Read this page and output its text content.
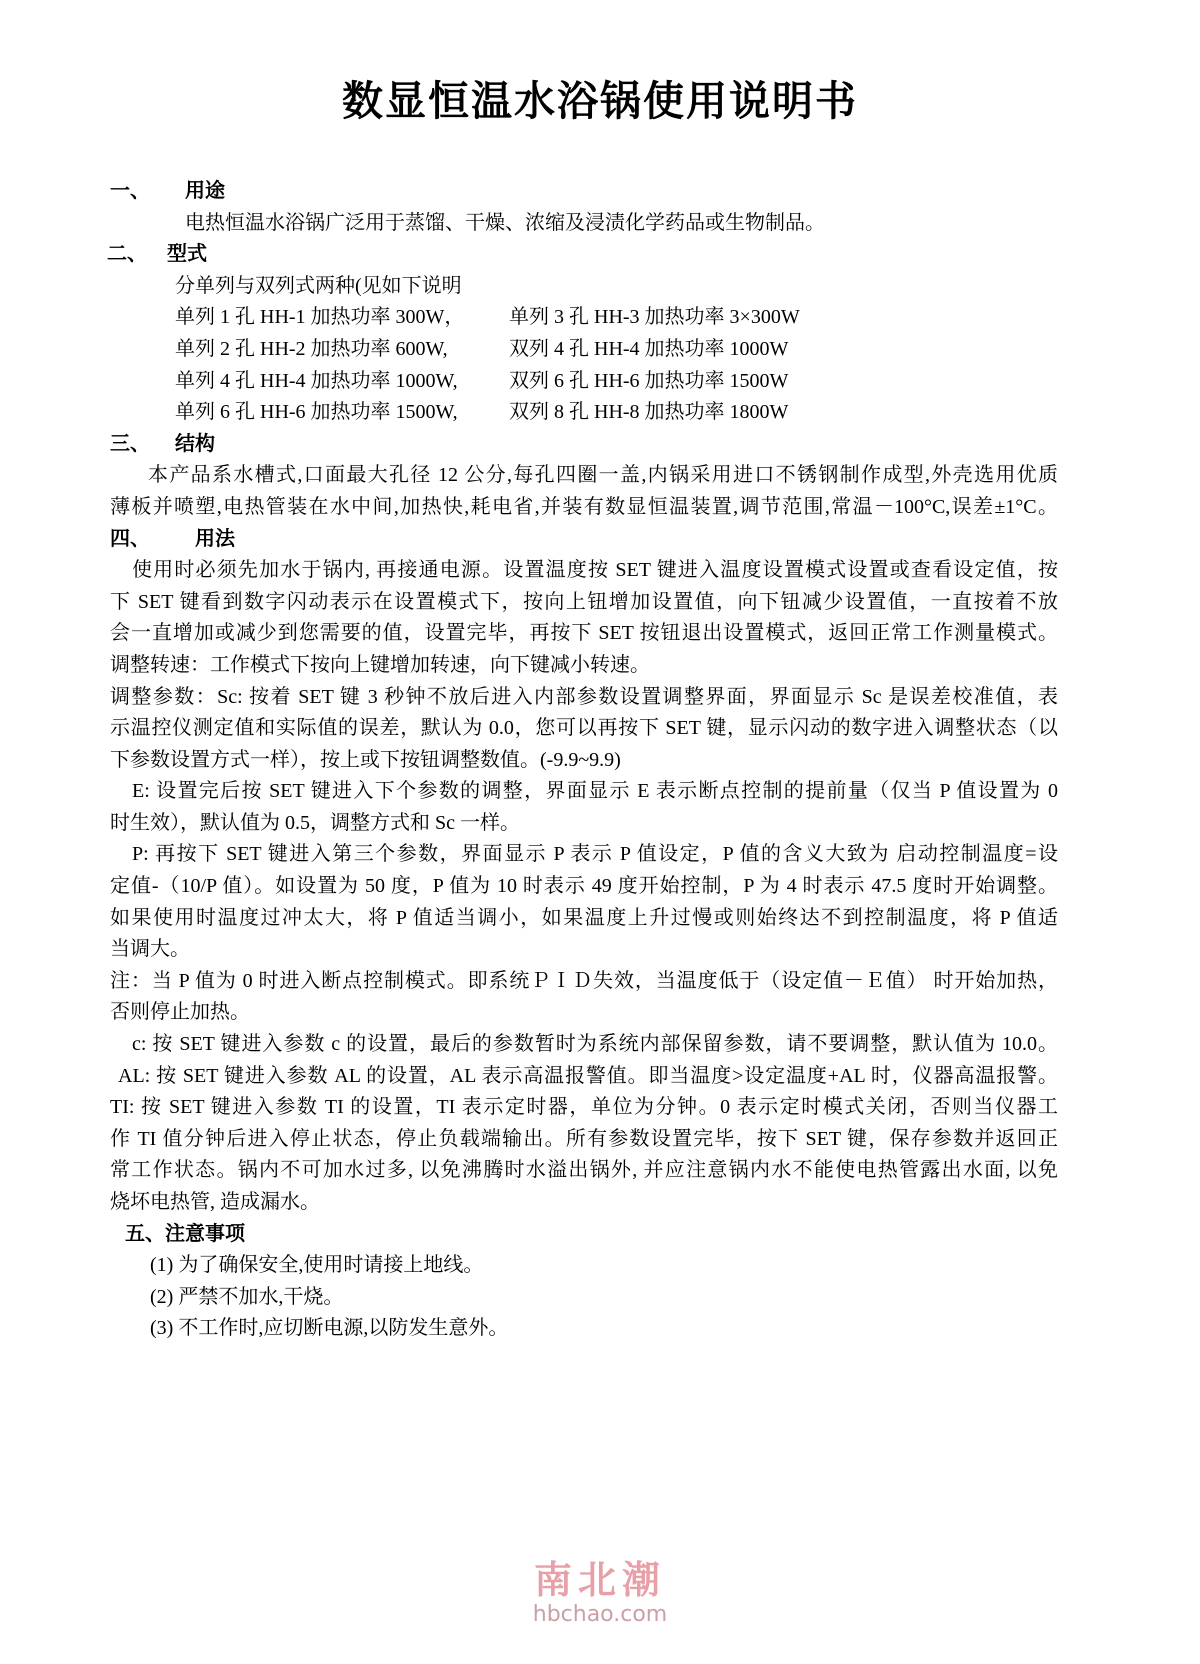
数显恒温水浴锅使用说明书
一、 用途
电热恒温水浴锅广泛用于蒸馏、干燥、浓缩及浸渍化学药品或生物制品。
二、 型式
分单列与双列式两种(见如下说明
单列 1 孔 HH-1 加热功率 300W，	单列 3 孔 HH-3 加热功率 3×300W
单列 2 孔 HH-2 加热功率 600W,	双列 4 孔 HH-4 加热功率 1000W
单列 4 孔 HH-4 加热功率 1000W,	双列 6 孔 HH-6 加热功率 1500W
单列 6 孔 HH-6 加热功率 1500W,	双列 8 孔 HH-8 加热功率 1800W
三、 结构
本产品系水槽式,口面最大孔径 12 公分,每孔四圈一盖,内锅采用进口不锈钢制作成型,外壳选用优质
薄板并喷塑,电热管装在水中间,加热快,耗电省,并装有数显恒温装置,调节范围,常温－100°C,误差±1°C。
四、 用法
使用时必须先加水于锅内, 再接通电源。设置温度按 SET 键进入温度设置模式设置或查看设定值，按
下 SET 键看到数字闪动表示在设置模式下，按向上钮增加设置值，向下钮减少设置值，一直按着不放
会一直增加或减少到您需要的值，设置完毕，再按下 SET 按钮退出设置模式，返回正常工作测量模式。
调整转速：工作模式下按向上键增加转速，向下键减小转速。
调整参数：Sc: 按着 SET 键 3 秒钟不放后进入内部参数设置调整界面，界面显示 Sc 是误差校准值，表
示温控仪测定值和实际值的误差，默认为 0.0，您可以再按下 SET 键，显示闪动的数字进入调整状态（以
下参数设置方式一样），按上或下按钮调整数值。(-9.9~9.9)
E: 设置完后按 SET 键进入下个参数的调整，界面显示 E 表示断点控制的提前量（仅当 P 值设置为 0
时生效），默认值为 0.5，调整方式和 Sc 一样。
P: 再按下 SET 键进入第三个参数，界面显示 P 表示 P 值设定，P 值的含义大致为 启动控制温度=设
定值-（10/P 值）。如设置为 50 度，P 值为 10 时表示 49 度开始控制，P 为 4 时表示 47.5 度时开始调整。
如果使用时温度过冲太大，将 P 值适当调小，如果温度上升过慢或则始终达不到控制温度，将 P 值适
当调大。
注：当 P 值为 0 时进入断点控制模式。即系统ＰＩＤ失效，当温度低于（设定值－Ｅ值） 时开始加热，
否则停止加热。
c: 按 SET 键进入参数 c 的设置，最后的参数暂时为系统内部保留参数，请不要调整，默认值为 10.0。
AL: 按 SET 键进入参数 AL 的设置，AL 表示高温报警值。即当温度>设定温度+AL 时，仪器高温报警。
TI: 按 SET 键进入参数 TI 的设置，TI 表示定时器，单位为分钟。0 表示定时模式关闭，否则当仪器工
作 TI 值分钟后进入停止状态，停止负载端输出。所有参数设置完毕，按下 SET 键，保存参数并返回正
常工作状态。锅内不可加水过多, 以免沸腾时水溢出锅外, 并应注意锅内水不能使电热管露出水面, 以免
烧坏电热管, 造成漏水。
五、注意事项
(1) 为了确保安全,使用时请接上地线。
(2) 严禁不加水,干烧。
(3) 不工作时,应切断电源,以防发生意外。
南北潮
hbchao.com
